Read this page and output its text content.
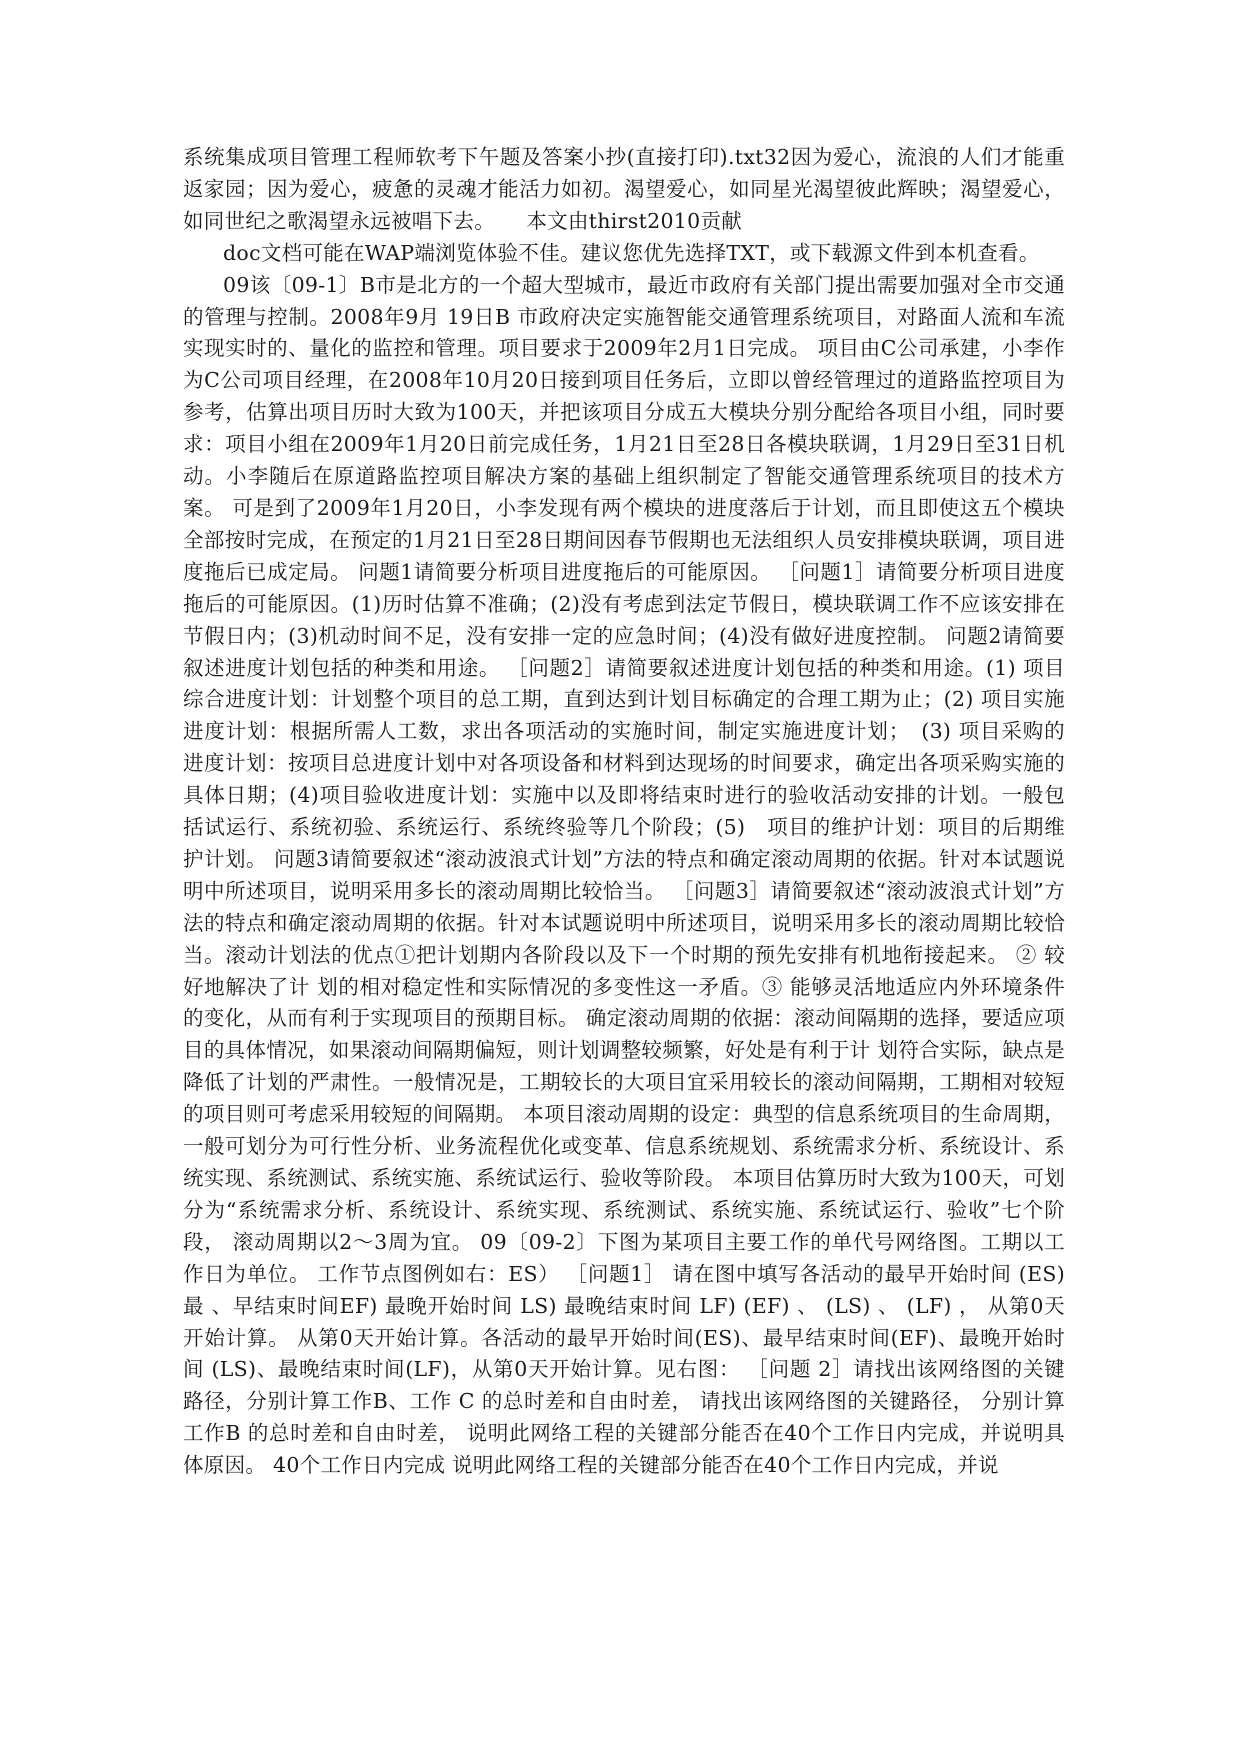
系统集成项目管理工程师软考下午题及答案小抄(直接打印).txt32因为爱心，流浪的人们才能重返家园；因为爱心，疲惫的灵魂才能活力如初。渴望爱心，如同星光渴望彼此辉映；渴望爱心，如同世纪之歌渴望永远被唱下去。　　本文由thirst2010贡献

doc文档可能在WAP端浏览体验不佳。建议您优先选择TXT，或下载源文件到本机查看。

09该〔09-1〕B市是北方的一个超大型城市，最近市政府有关部门提出需要加强对全市交通的管理与控制。2008年9月 19日B 市政府决定实施智能交通管理系统项目，对路面人流和车流实现实时的、量化的监控和管理。项目要求于2009年2月1日完成。 项目由C公司承建，小李作为C公司项目经理，在2008年10月20日接到项目任务后，立即以曾经管理过的道路监控项目为参考，估算出项目历时大致为100天，并把该项目分成五大模块分别分配给各项目小组，同时要求：项目小组在2009年1月20日前完成任务，1月21日至28日各模块联调，1月29日至31日机动。小李随后在原道路监控项目解决方案的基础上组织制定了智能交通管理系统项目的技术方案。 可是到了2009年1月20日，小李发现有两个模块的进度落后于计划，而且即使这五个模块全部按时完成，在预定的1月21日至28日期间因春节假期也无法组织人员安排模块联调，项目进度拖后已成定局。 问题1请简要分析项目进度拖后的可能原因。 ［问题1］请简要分析项目进度拖后的可能原因。(1)历时估算不准确；(2)没有考虑到法定节假日，模块联调工作不应该安排在节假日内；(3)机动时间不足，没有安排一定的应急时间；(4)没有做好进度控制。 问题2请简要叙述进度计划包括的种类和用途。 ［问题2］请简要叙述进度计划包括的种类和用途。(1) 项目综合进度计划：计划整个项目的总工期，直到达到计划目标确定的合理工期为止；(2) 项目实施进度计划：根据所需人工数，求出各项活动的实施时间，制定实施进度计划；　(3) 项目采购的 进度计划：按项目总进度计划中对各项设备和材料到达现场的时间要求，确定出各项采购实施的具体日期；(4)项目验收进度计划：实施中以及即将结束时进行的验收活动安排的计划。一般包括试运行、系统初验、系统运行、系统终验等几个阶段；(5)　项目的维护计划：项目的后期维护计划。 问题3请简要叙述“滚动波浪式计划”方法的特点和确定滚动周期的依据。针对本试题说明中所述项目，说明采用多长的滚动周期比较恰当。 ［问题3］请简要叙述“滚动波浪式计划”方法的特点和确定滚动周期的依据。针对本试题说明中所述项目，说明采用多长的滚动周期比较恰当。滚动计划法的优点①把计划期内各阶段以及下一个时期的预先安排有机地衔接起来。 ② 较好地解决了计 划的相对稳定性和实际情况的多变性这一矛盾。③ 能够灵活地适应内外环境条件的变化，从而有利于实现项目的预期目标。 确定滚动周期的依据：滚动间隔期的选择，要适应项目的具体情况，如果滚动间隔期偏短，则计划调整较频繁，好处是有利于计 划符合实际，缺点是降低了计划的严肃性。一般情况是，工期较长的大项目宜采用较长的滚动间隔期，工期相对较短的项目则可考虑采用较短的间隔期。 本项目滚动周期的设定：典型的信息系统项目的生命周期，一般可划分为可行性分析、业务流程优化或变革、信息系统规划、系统需求分析、系统设计、系统实现、系统测试、系统实施、系统试运行、验收等阶段。 本项目估算历时大致为100天，可划分为“系统需求分析、系统设计、系统实现、系统测试、系统实施、系统试运行、验收”七个阶段， 滚动周期以2～3周为宜。 09〔09-2〕下图为某项目主要工作的单代号网络图。工期以工作日为单位。 工作节点图例如右：ES） ［问题1］ 请在图中填写各活动的最早开始时间 (ES) 最 、早结束时间EF) 最晚开始时间 LS) 最晚结束时间 LF) (EF) 、 (LS) 、 (LF) ， 从第0天开始计算。 从第0天开始计算。各活动的最早开始时间(ES)、最早结束时间(EF)、最晚开始时间 (LS)、最晚结束时间(LF)，从第0天开始计算。见右图： ［问题 2］请找出该网络图的关键路径，分别计算工作B、工作 C 的总时差和自由时差， 请找出该网络图的关键路径， 分别计算工作B 的总时差和自由时差， 说明此网络工程的关键部分能否在40个工作日内完成，并说明具体原因。 40个工作日内完成 说明此网络工程的关键部分能否在40个工作日内完成，并说
